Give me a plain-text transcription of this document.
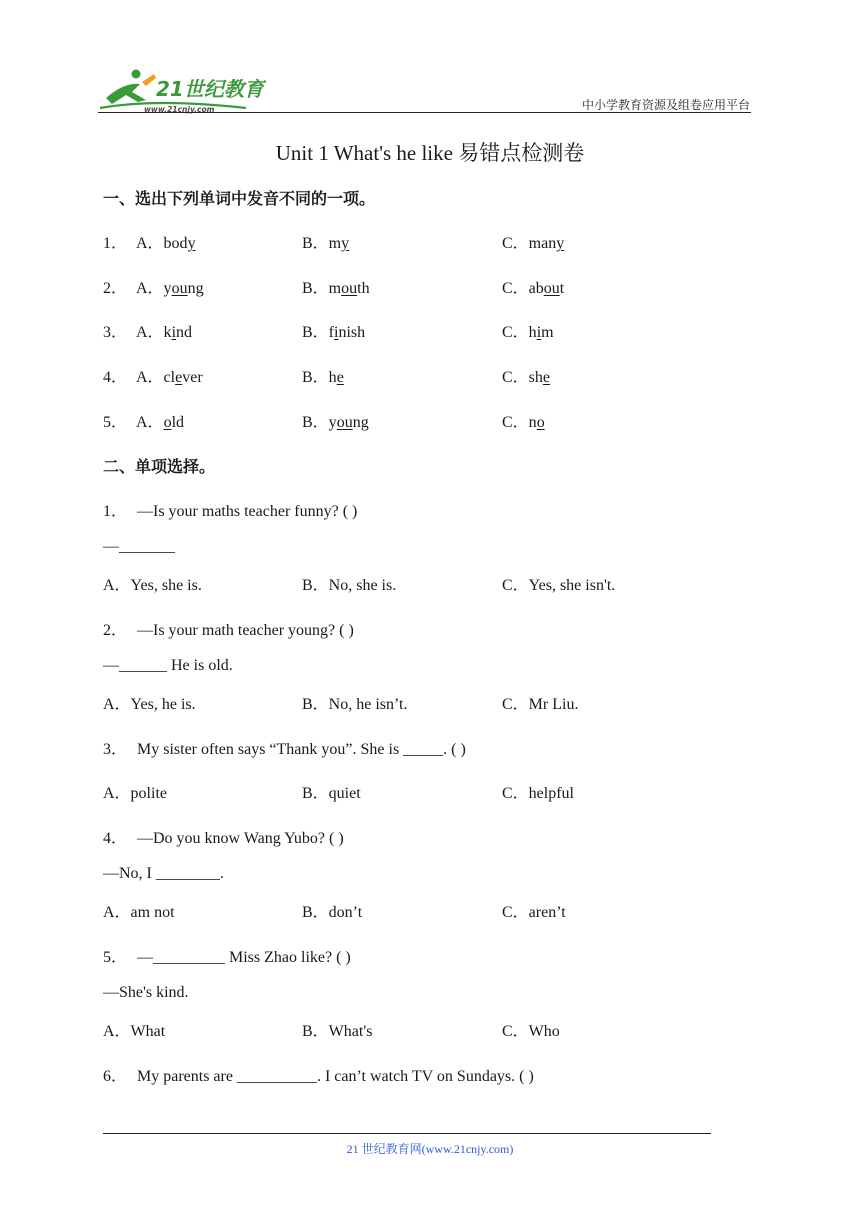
21世纪教育
www.21cnjy.com	中小学教育资源及组卷应用平台
Unit 1 What's he like 易错点检测卷
一、选出下列单词中发音不同的一项。
1． A．body	B．my	C．many
2． A．young	B．mouth	C．about
3． A．kind	B．finish	C．him
4． A．clever	B．he	C．she
5． A．old	B．young	C．no
二、单项选择。
1． —Is your maths teacher funny? ( )
—_______
A．Yes, she is.	B．No, she is.	C．Yes, she isn't.
2． —Is your math teacher young? ( )
—______ He is old.
A．Yes, he is.	B．No, he isn’t.	C．Mr Liu.
3． My sister often says “Thank you”. She is _____. ( )
A．polite	B．quiet	C．helpful
4． —Do you know Wang Yubo? ( )
—No, I ________.
A．am not	B．don’t	C．aren’t
5． —_________ Miss Zhao like? ( )
—She's kind.
A．What	B．What's	C．Who
6． My parents are __________. I can’t watch TV on Sundays. ( )
21 世纪教育网(www.21cnjy.com)
